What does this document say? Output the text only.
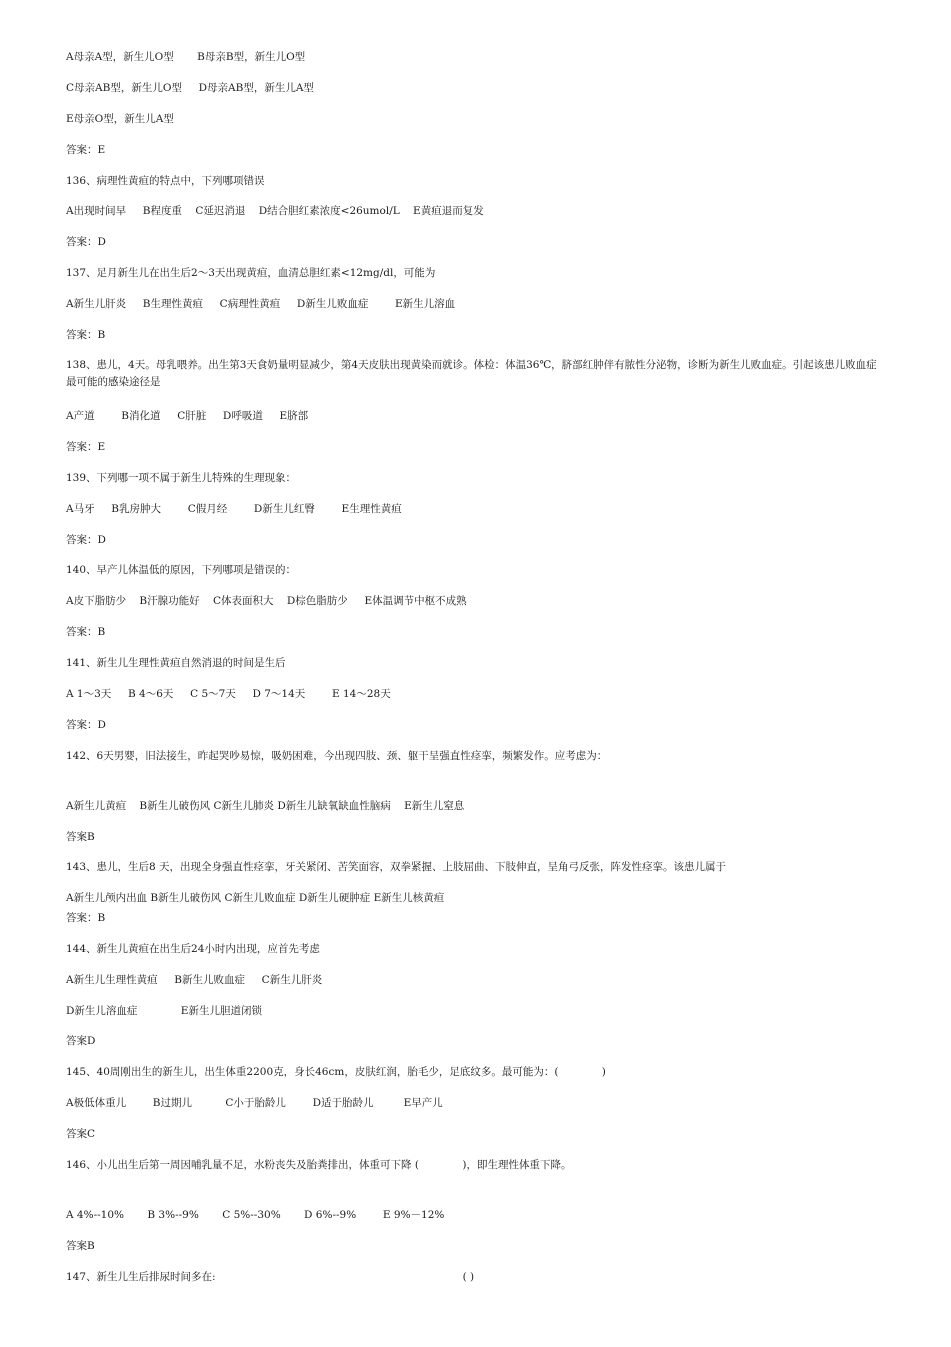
A母亲A型，新生儿O型       B母亲B型，新生儿O型
C母亲AB型，新生儿O型     D母亲AB型，新生儿A型
E母亲O型，新生儿A型
答案：E
136、病理性黄疸的特点中，下列哪项错误
A出现时间早     B程度重    C延迟消退    D结合胆红素浓度<26umol/L    E黄疸退而复发
答案：D
137、足月新生儿在出生后2～3天出现黄疸，血清总胆红素<12mg/dl，可能为
A新生儿肝炎     B生理性黄疸     C病理性黄疸     D新生儿败血症        E新生儿溶血
答案：B
138、患儿，4天。母乳喂养。出生第3天食奶量明显减少，第4天皮肤出现黄染而就诊。体检：体温36℃，脐部红肿伴有脓性分泌物，诊断为新生儿败血症。引起该患儿败血症最可能的感染途径是
A产道        B消化道     C肝脏     D呼吸道     E脐部
答案：E
139、下列哪一项不属于新生儿特殊的生理现象：
A马牙     B乳房肿大        C假月经        D新生儿红臀        E生理性黄疸
答案：D
140、早产儿体温低的原因，下列哪项是错误的：
A皮下脂肪少    B汗腺功能好    C体表面积大    D棕色脂肪少     E体温调节中枢不成熟
答案：B
141、新生儿生理性黄疸自然消退的时间是生后
A 1～3天     B 4～6天     C 5～7天     D 7～14天        E 14～28天
答案：D
142、6天男婴，旧法接生，昨起哭吵易惊，吸奶困难，今出现四肢、颈、躯干呈强直性痉挛，频繁发作。应考虑为：
A新生儿黄疸    B新生儿破伤风 C新生儿肺炎 D新生儿缺氧缺血性脑病    E新生儿窒息
答案B
143、患儿，生后8 天，出现全身强直性痉挛，牙关紧闭、苦笑面容，双拳紧握、上肢屈曲、下肢伸直，呈角弓反张，阵发性痉挛。该患儿属于
A新生儿颅内出血 B新生儿破伤风 C新生儿败血症 D新生儿硬肿症 E新生儿核黄疸
答案：B
144、新生儿黄疸在出生后24小时内出现，应首先考虑
A新生儿生理性黄疸     B新生儿败血症     C新生儿肝炎
D新生儿溶血症             E新生儿胆道闭锁
答案D
145、40周刚出生的新生儿，出生体重2200克，身长46cm，皮肤红润，胎毛少，足底纹多。最可能为：(             )
A极低体重儿        B过期儿          C小于胎龄儿        D适于胎龄儿         E早产儿
答案C
146、小儿出生后第一周因哺乳量不足，水粉丧失及胎粪排出，体重可下降 (             )，即生理性体重下降。
A 4%--10%       B 3%--9%       C 5%--30%       D 6%--9%        E 9%－12%
答案B
147、新生儿生后排尿时间多在:                                                                          ( )
